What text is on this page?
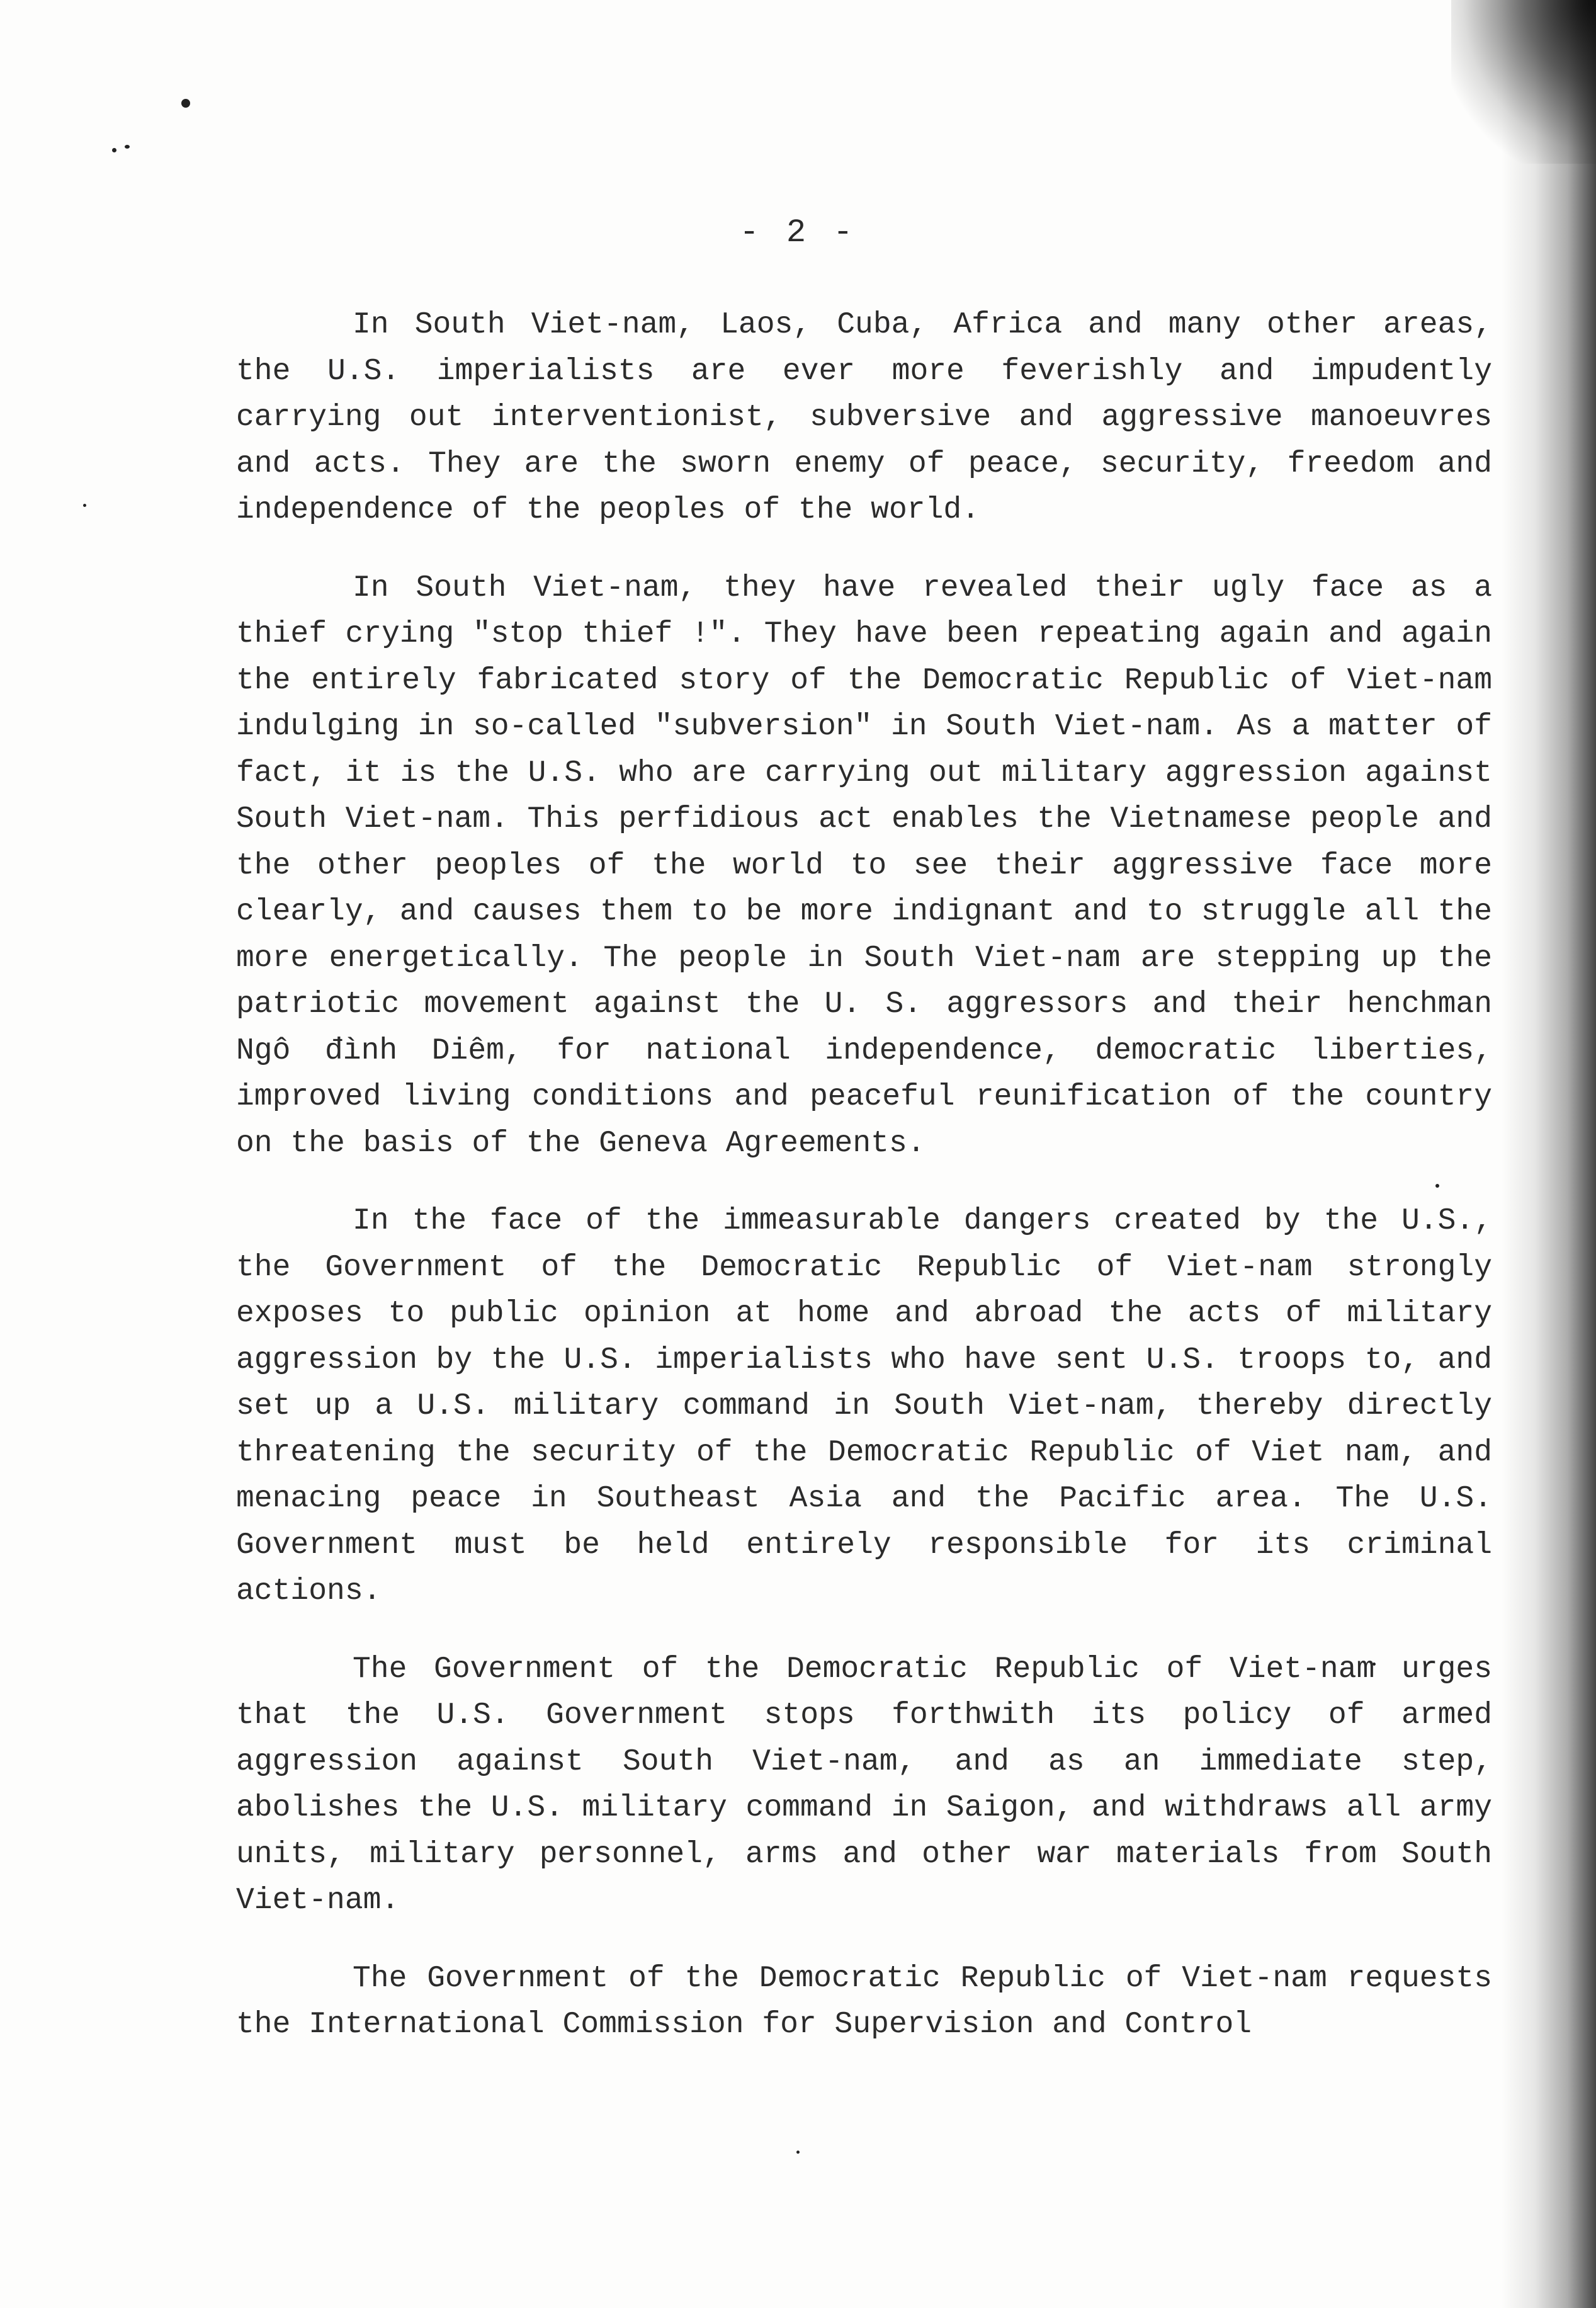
- 2 -

In South Viet-nam, Laos, Cuba, Africa and many other areas, the U.S. imperialists are ever more feverishly and impudently carrying out interventionist, subversive and aggressive manoeuvres and acts. They are the sworn enemy of peace, security, freedom and independence of the peoples of the world.

In South Viet-nam, they have revealed their ugly face as a thief crying "stop thief !". They have been repeating again and again the entirely fabricated story of the Democratic Republic of Viet-nam indulging in so-called "subversion" in South Viet-nam. As a matter of fact, it is the U.S. who are carrying out military aggression against South Viet-nam. This perfidious act enables the Vietnamese people and the other peoples of the world to see their aggressive face more clearly, and causes them to be more indignant and to struggle all the more energetically. The people in South Viet-nam are stepping up the patriotic movement against the U. S. aggressors and their henchman Ngô đình Diêm, for national independence, democratic liberties, improved living conditions and peaceful reunification of the country on the basis of the Geneva Agreements.

In the face of the immeasurable dangers created by the U.S., the Government of the Democratic Republic of Viet-nam strongly exposes to public opinion at home and abroad the acts of military aggression by the U.S. imperialists who have sent U.S. troops to, and set up a U.S. military command in South Viet-nam, thereby directly threatening the security of the Democratic Republic of Viet nam, and menacing peace in Southeast Asia and the Pacific area. The U.S. Government must be held entirely responsible for its criminal actions.

The Government of the Democratic Republic of Viet-nam urges that the U.S. Government stops forthwith its policy of armed aggression against South Viet-nam, and as an immediate step, abolishes the U.S. military command in Saigon, and withdraws all army units, military personnel, arms and other war materials from South Viet-nam.

The Government of the Democratic Republic of Viet-nam requests the International Commission for Supervision and Control
